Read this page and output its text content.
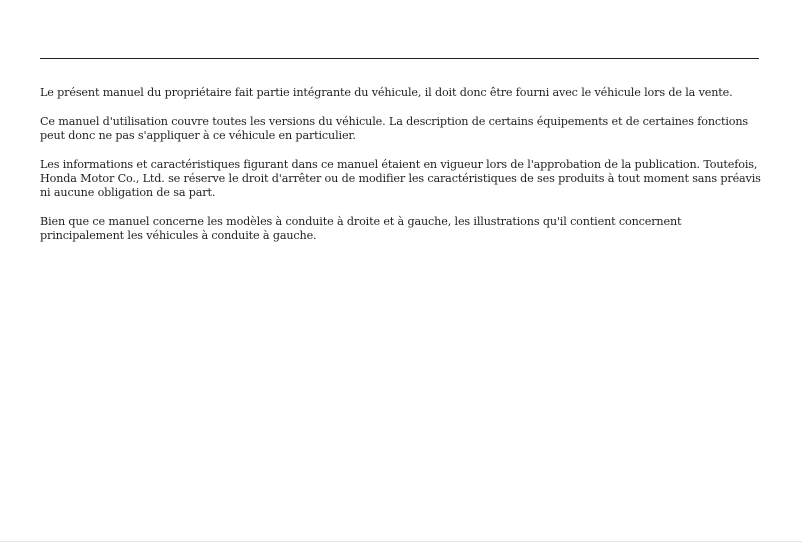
Le présent manuel du propriétaire fait partie intégrante du véhicule, il doit donc être fourni avec le véhicule lors de la vente.

Ce manuel d'utilisation couvre toutes les versions du véhicule. La description de certains équipements et de certaines fonctions peut donc ne pas s'appliquer à ce véhicule en particulier.

Les informations et caractéristiques figurant dans ce manuel étaient en vigueur lors de l'approbation de la publication. Toutefois, Honda Motor Co., Ltd. se réserve le droit d'arrêter ou de modifier les caractéristiques de ses produits à tout moment sans préavis ni aucune obligation de sa part.

Bien que ce manuel concerne les modèles à conduite à droite et à gauche, les illustrations qu'il contient concernent principalement les véhicules à conduite à gauche.
